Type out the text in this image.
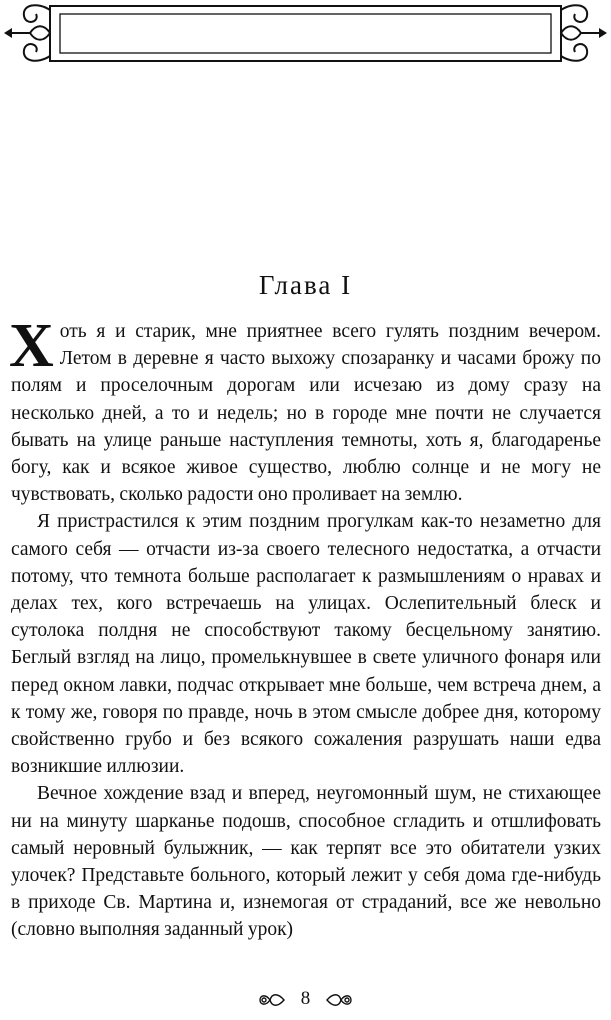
Глава I

Хоть я и старик, мне приятнее всего гулять поздним вечером. Летом в деревне я часто выхожу спозаранку и часами брожу по полям и проселочным дорогам или исчезаю из дому сразу на несколько дней, а то и недель; но в городе мне почти не случается бывать на улице раньше наступления темноты, хоть я, благодаренье богу, как и всякое живое существо, люблю солнце и не могу не чувствовать, сколько радости оно проливает на землю.

Я пристрастился к этим поздним прогулкам как-то незаметно для самого себя — отчасти из-за своего телесного недостатка, а отчасти потому, что темнота больше располагает к размышлениям о нравах и делах тех, кого встречаешь на улицах. Ослепительный блеск и сутолока полдня не способствуют такому бесцельному занятию. Беглый взгляд на лицо, промелькнувшее в свете уличного фонаря или перед окном лавки, подчас открывает мне больше, чем встреча днем, а к тому же, говоря по правде, ночь в этом смысле добрее дня, которому свойственно грубо и без всякого сожаления разрушать наши едва возникшие иллюзии.

Вечное хождение взад и вперед, неугомонный шум, не стихающее ни на минуту шарканье подошв, способное сгладить и отшлифовать самый неровный булыжник, — как терпят все это обитатели узких улочек? Представьте больного, который лежит у себя дома где-нибудь в приходе Св. Мартина и, изнемогая от страданий, все же невольно (словно выполняя заданный урок)

8
